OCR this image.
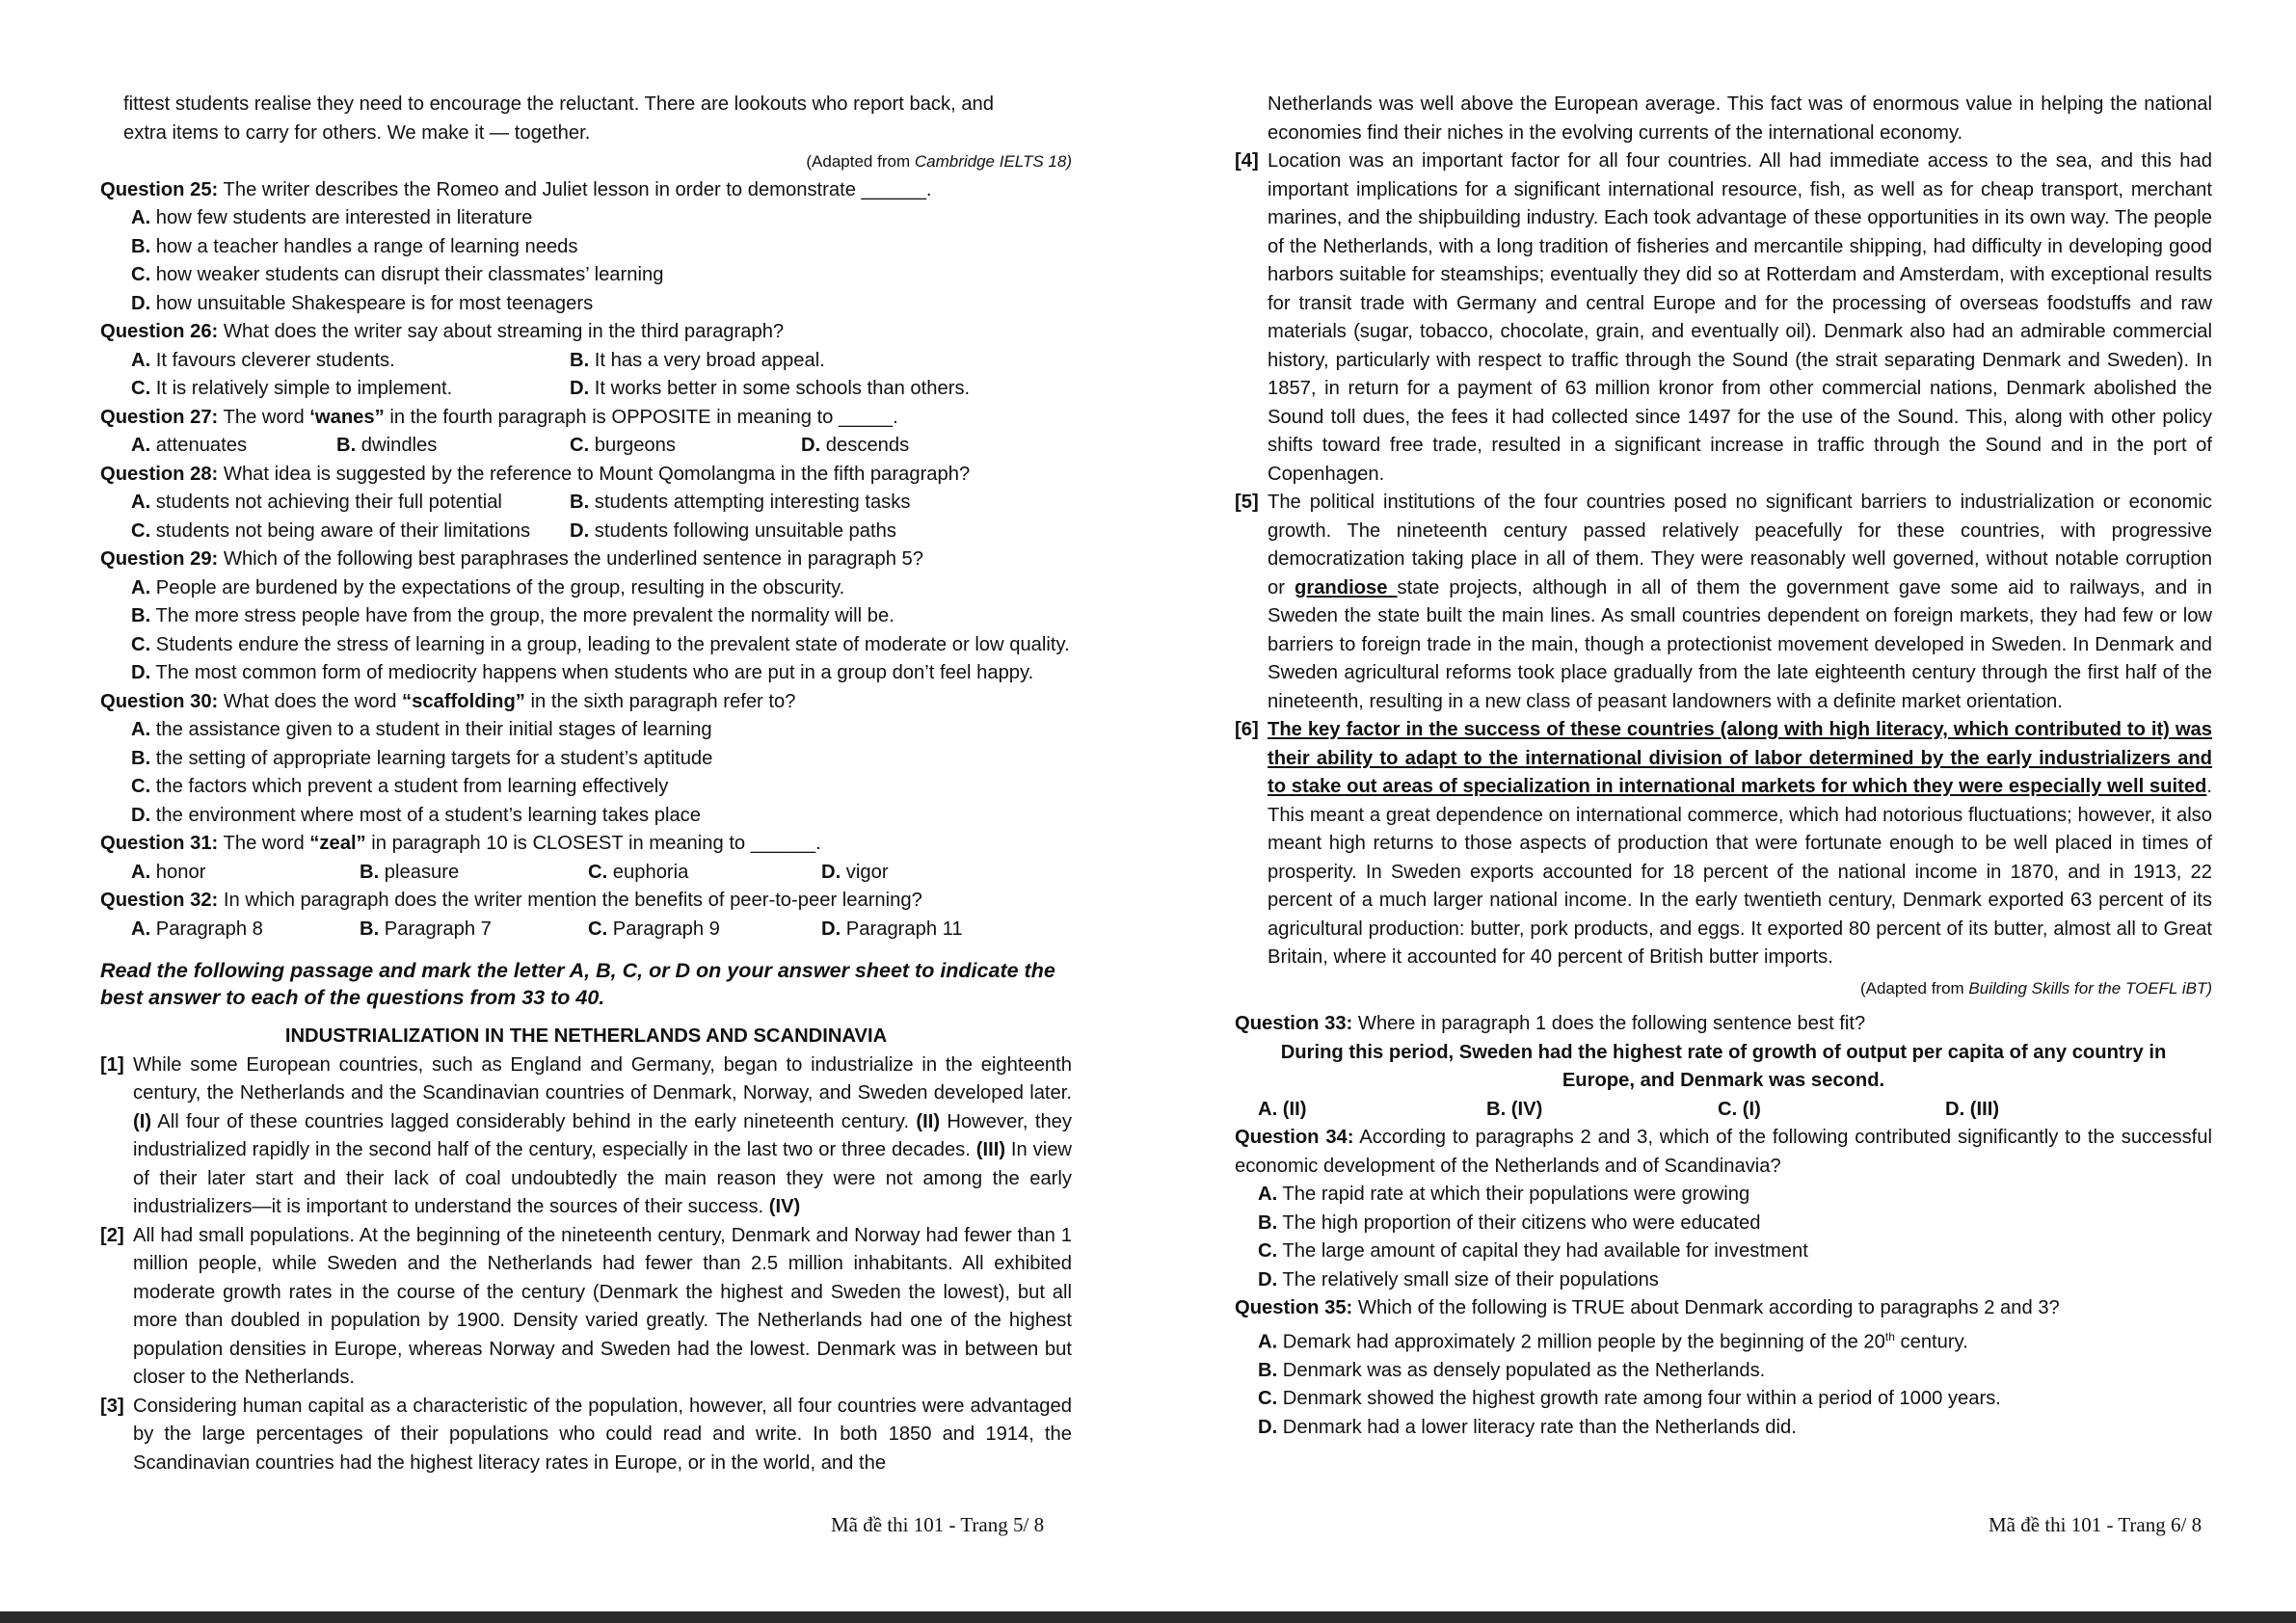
fittest students realise they need to encourage the reluctant. There are lookouts who report back, and
extra items to carry for others. We make it — together.

(Adapted from Cambridge IELTS 18)

Question 25: The writer describes the Romeo and Juliet lesson in order to demonstrate ______.

A. how few students are interested in literature

B. how a teacher handles a range of learning needs

C. how weaker students can disrupt their classmates’ learning

D. how unsuitable Shakespeare is for most teenagers

Question 26: What does the writer say about streaming in the third paragraph?

A. It favours cleverer students.	B. It has a very broad appeal.
C. It is relatively simple to implement.	D. It works better in some schools than others.

Question 27: The word ‘wanes” in the fourth paragraph is OPPOSITE in meaning to _____.

A. attenuates	B. dwindles	C. burgeons	D. descends

Question 28: What idea is suggested by the reference to Mount Qomolangma in the fifth paragraph?

A. students not achieving their full potential	B. students attempting interesting tasks
C. students not being aware of their limitations	D. students following unsuitable paths

Question 29: Which of the following best paraphrases the underlined sentence in paragraph 5?

A. People are burdened by the expectations of the group, resulting in the obscurity.

B. The more stress people have from the group, the more prevalent the normality will be.

C. Students endure the stress of learning in a group, leading to the prevalent state of moderate or low quality.

D. The most common form of mediocrity happens when students who are put in a group don’t feel happy.

Question 30: What does the word “scaffolding” in the sixth paragraph refer to?

A. the assistance given to a student in their initial stages of learning

B. the setting of appropriate learning targets for a student’s aptitude

C. the factors which prevent a student from learning effectively

D. the environment where most of a student’s learning takes place

Question 31: The word “zeal” in paragraph 10 is CLOSEST in meaning to ______.

A. honor	B. pleasure	C. euphoria	D. vigor

Question 32: In which paragraph does the writer mention the benefits of peer-to-peer learning?

A. Paragraph 8	B. Paragraph 7	C. Paragraph 9	D. Paragraph 11

Read the following passage and mark the letter A, B, C, or D on your answer sheet to indicate the best answer to each of the questions from 33 to 40.

INDUSTRIALIZATION IN THE NETHERLANDS AND SCANDINAVIA

[1] While some European countries, such as England and Germany, began to industrialize in the eighteenth century, the Netherlands and the Scandinavian countries of Denmark, Norway, and Sweden developed later. (I) All four of these countries lagged considerably behind in the early nineteenth century. (II) However, they industrialized rapidly in the second half of the century, especially in the last two or three decades. (III) In view of their later start and their lack of coal undoubtedly the main reason they were not among the early industrializers—it is important to understand the sources of their success. (IV)
[2] All had small populations. At the beginning of the nineteenth century, Denmark and Norway had fewer than 1 million people, while Sweden and the Netherlands had fewer than 2.5 million inhabitants. All exhibited moderate growth rates in the course of the century (Denmark the highest and Sweden the lowest), but all more than doubled in population by 1900. Density varied greatly. The Netherlands had one of the highest population densities in Europe, whereas Norway and Sweden had the lowest. Denmark was in between but closer to the Netherlands.
[3] Considering human capital as a characteristic of the population, however, all four countries were advantaged by the large percentages of their populations who could read and write. In both 1850 and 1914, the Scandinavian countries had the highest literacy rates in Europe, or in the world, and the
Mã đề thi 101 - Trang 5/ 8

Netherlands was well above the European average. This fact was of enormous value in helping the national economies find their niches in the evolving currents of the international economy.

[4] Location was an important factor for all four countries. All had immediate access to the sea, and this had important implications for a significant international resource, fish, as well as for cheap transport, merchant marines, and the shipbuilding industry. Each took advantage of these opportunities in its own way. The people of the Netherlands, with a long tradition of fisheries and mercantile shipping, had difficulty in developing good harbors suitable for steamships; eventually they did so at Rotterdam and Amsterdam, with exceptional results for transit trade with Germany and central Europe and for the processing of overseas foodstuffs and raw materials (sugar, tobacco, chocolate, grain, and eventually oil). Denmark also had an admirable commercial history, particularly with respect to traffic through the Sound (the strait separating Denmark and Sweden). In 1857, in return for a payment of 63 million kronor from other commercial nations, Denmark abolished the Sound toll dues, the fees it had collected since 1497 for the use of the Sound. This, along with other policy shifts toward free trade, resulted in a significant increase in traffic through the Sound and in the port of Copenhagen.
[5] The political institutions of the four countries posed no significant barriers to industrialization or economic growth. The nineteenth century passed relatively peacefully for these countries, with progressive democratization taking place in all of them. They were reasonably well governed, without notable corruption or grandiose state projects, although in all of them the government gave some aid to railways, and in Sweden the state built the main lines. As small countries dependent on foreign markets, they had few or low barriers to foreign trade in the main, though a protectionist movement developed in Sweden. In Denmark and Sweden agricultural reforms took place gradually from the late eighteenth century through the first half of the nineteenth, resulting in a new class of peasant landowners with a definite market orientation.
[6] The key factor in the success of these countries (along with high literacy, which contributed to it) was their ability to adapt to the international division of labor determined by the early industrializers and to stake out areas of specialization in international markets for which they were especially well suited. This meant a great dependence on international commerce, which had notorious fluctuations; however, it also meant high returns to those aspects of production that were fortunate enough to be well placed in times of prosperity. In Sweden exports accounted for 18 percent of the national income in 1870, and in 1913, 22 percent of a much larger national income. In the early twentieth century, Denmark exported 63 percent of its agricultural production: butter, pork products, and eggs. It exported 80 percent of its butter, almost all to Great Britain, where it accounted for 40 percent of British butter imports.

(Adapted from Building Skills for the TOEFL iBT)

Question 33: Where in paragraph 1 does the following sentence best fit?

During this period, Sweden had the highest rate of growth of output per capita of any country in Europe, and Denmark was second.

A. (II)	B. (IV)	C. (I)	D. (III)

Question 34: According to paragraphs 2 and 3, which of the following contributed significantly to the successful economic development of the Netherlands and of Scandinavia?

A. The rapid rate at which their populations were growing

B. The high proportion of their citizens who were educated

C. The large amount of capital they had available for investment

D. The relatively small size of their populations

Question 35: Which of the following is TRUE about Denmark according to paragraphs 2 and 3?

A. Demark had approximately 2 million people by the beginning of the 20th century.

B. Denmark was as densely populated as the Netherlands.

C. Denmark showed the highest growth rate among four within a period of 1000 years.

D. Denmark had a lower literacy rate than the Netherlands did.

Mã đề thi 101 - Trang 6/ 8
